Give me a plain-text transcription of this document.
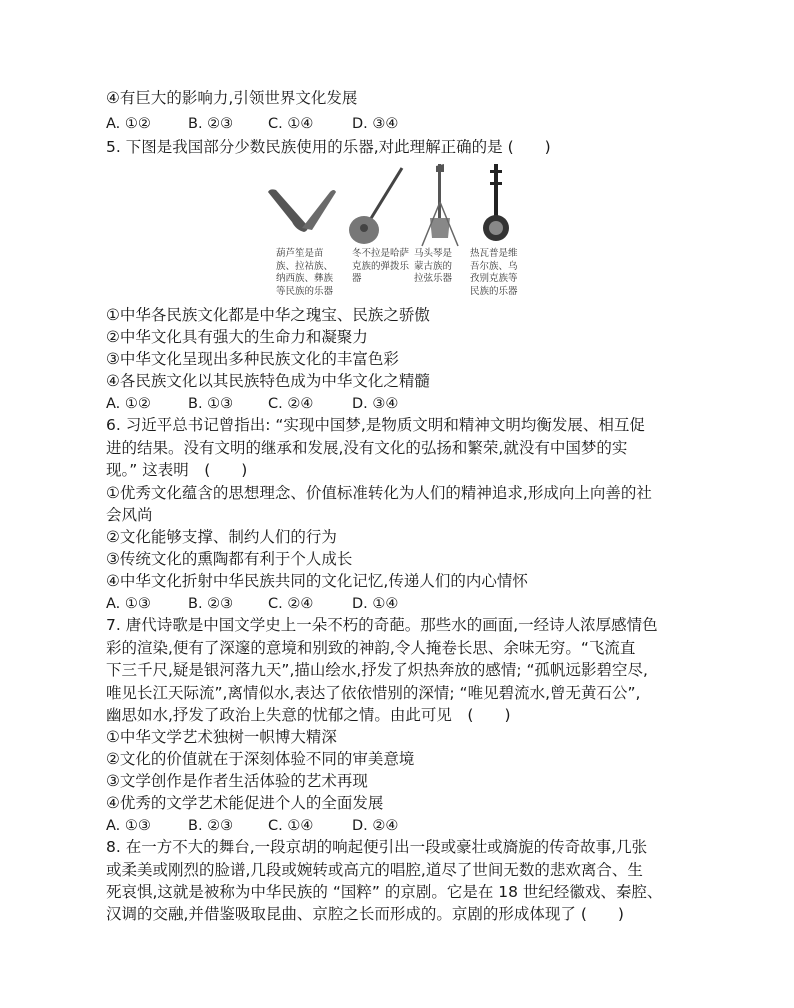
④有巨大的影响力,引领世界文化发展
A. ①②	B. ②③ C. ①④	D. ③④
5. 下图是我国部分少数民族使用的乐器,对此理解正确的是 (　　)
葫芦笙是苗族、拉祜族、纳西族、彝族等民族的乐器
冬不拉是哈萨克族的弹拨乐器
马头琴是蒙古族的拉弦乐器
热瓦普是维吾尔族、乌孜别克族等民族的乐器
①中华各民族文化都是中华之瑰宝、民族之骄傲
②中华文化具有强大的生命力和凝聚力
③中华文化呈现出多种民族文化的丰富色彩
④各民族文化以其民族特色成为中华文化之精髓
A. ①②	B. ①③ C. ②④	D. ③④
6. 习近平总书记曾指出: “实现中国梦,是物质文明和精神文明均衡发展、相互促
进的结果。没有文明的继承和发展,没有文化的弘扬和繁荣,就没有中国梦的实
现。” 这表明　(　　)
①优秀文化蕴含的思想理念、价值标准转化为人们的精神追求,形成向上向善的社
会风尚
②文化能够支撑、制约人们的行为
③传统文化的熏陶都有利于个人成长
④中华文化折射中华民族共同的文化记忆,传递人们的内心情怀
A. ①③	B. ②③ C. ②④	D. ①④
7. 唐代诗歌是中国文学史上一朵不朽的奇葩。那些水的画面,一经诗人浓厚感情色
彩的渲染,便有了深邃的意境和别致的神韵,令人掩卷长思、余味无穷。“飞流直
下三千尺,疑是银河落九天”,描山绘水,抒发了炽热奔放的感情; “孤帆远影碧空尽,
唯见长江天际流”,离情似水,表达了依依惜别的深情; “唯见碧流水,曾无黄石公”,
幽思如水,抒发了政治上失意的忧郁之情。由此可见　(　　)
①中华文学艺术独树一帜博大精深
②文化的价值就在于深刻体验不同的审美意境
③文学创作是作者生活体验的艺术再现
④优秀的文学艺术能促进个人的全面发展
A. ①③	B. ②③ C. ①④	D. ②④
8. 在一方不大的舞台,一段京胡的响起便引出一段或豪壮或旖旎的传奇故事,几张
或柔美或刚烈的脸谱,几段或婉转或高亢的唱腔,道尽了世间无数的悲欢离合、生
死哀惧,这就是被称为中华民族的 “国粹” 的京剧。它是在 18 世纪经徽戏、秦腔、
汉调的交融,并借鉴吸取昆曲、京腔之长而形成的。京剧的形成体现了 (　　)
